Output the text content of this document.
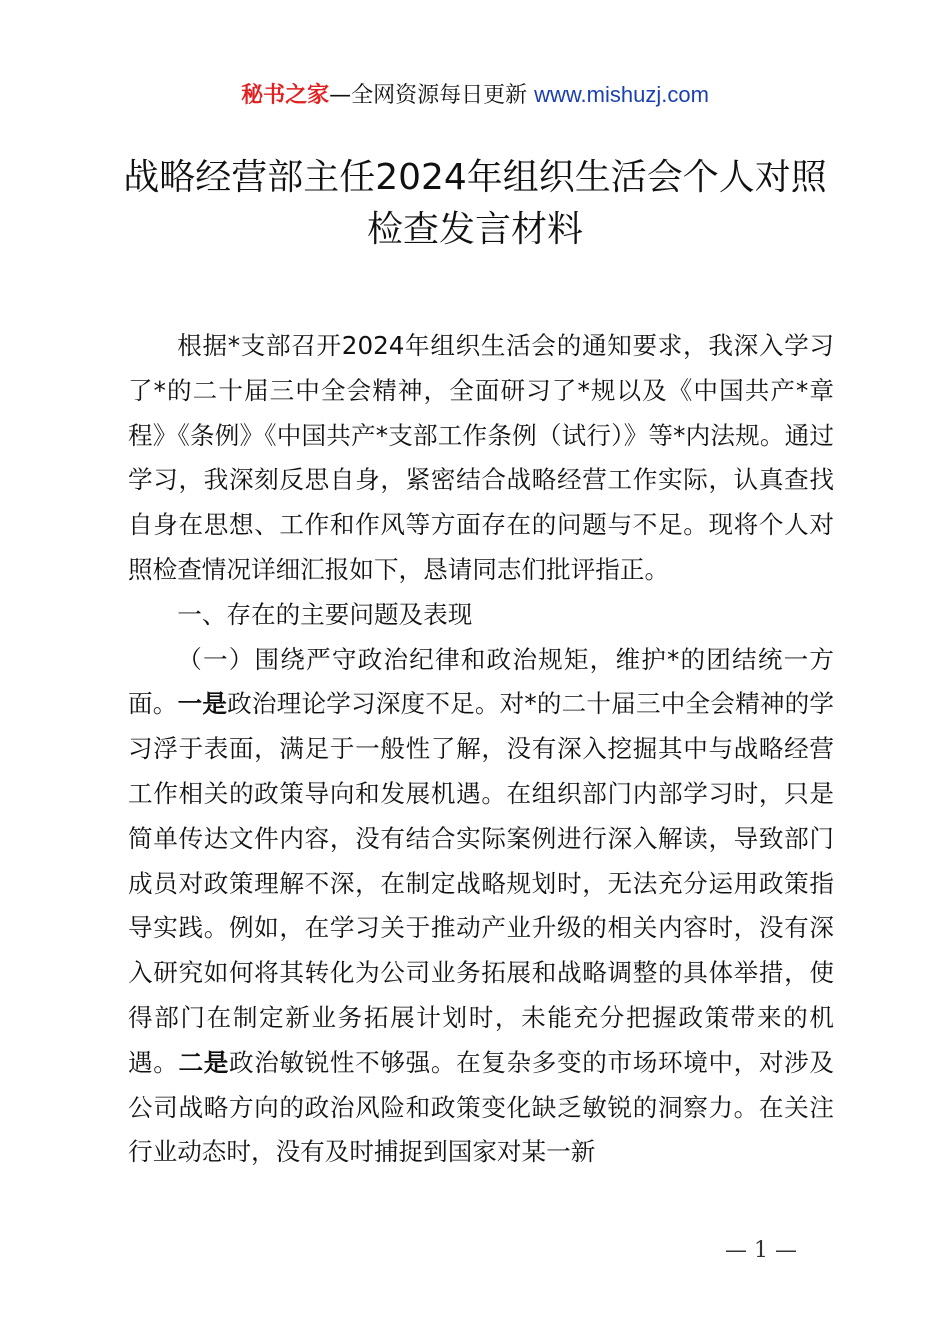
秘书之家—全网资源每日更新 www.mishuzj.com
战略经营部主任2024年组织生活会个人对照检查发言材料

根据*支部召开2024年组织生活会的通知要求，我深入学习了*的二十届三中全会精神，全面研习了*规以及《中国共产*章程》《条例》《中国共产*支部工作条例（试行）》等*内法规。通过学习，我深刻反思自身，紧密结合战略经营工作实际，认真查找自身在思想、工作和作风等方面存在的问题与不足。现将个人对照检查情况详细汇报如下，恳请同志们批评指正。

一、存在的主要问题及表现

（一）围绕严守政治纪律和政治规矩，维护*的团结统一方面。一是政治理论学习深度不足。对*的二十届三中全会精神的学习浮于表面，满足于一般性了解，没有深入挖掘其中与战略经营工作相关的政策导向和发展机遇。在组织部门内部学习时，只是简单传达文件内容，没有结合实际案例进行深入解读，导致部门成员对政策理解不深，在制定战略规划时，无法充分运用政策指导实践。例如，在学习关于推动产业升级的相关内容时，没有深入研究如何将其转化为公司业务拓展和战略调整的具体举措，使得部门在制定新业务拓展计划时，未能充分把握政策带来的机遇。二是政治敏锐性不够强。在复杂多变的市场环境中，对涉及公司战略方向的政治风险和政策变化缺乏敏锐的洞察力。在关注行业动态时，没有及时捕捉到国家对某一新

— 1 —
